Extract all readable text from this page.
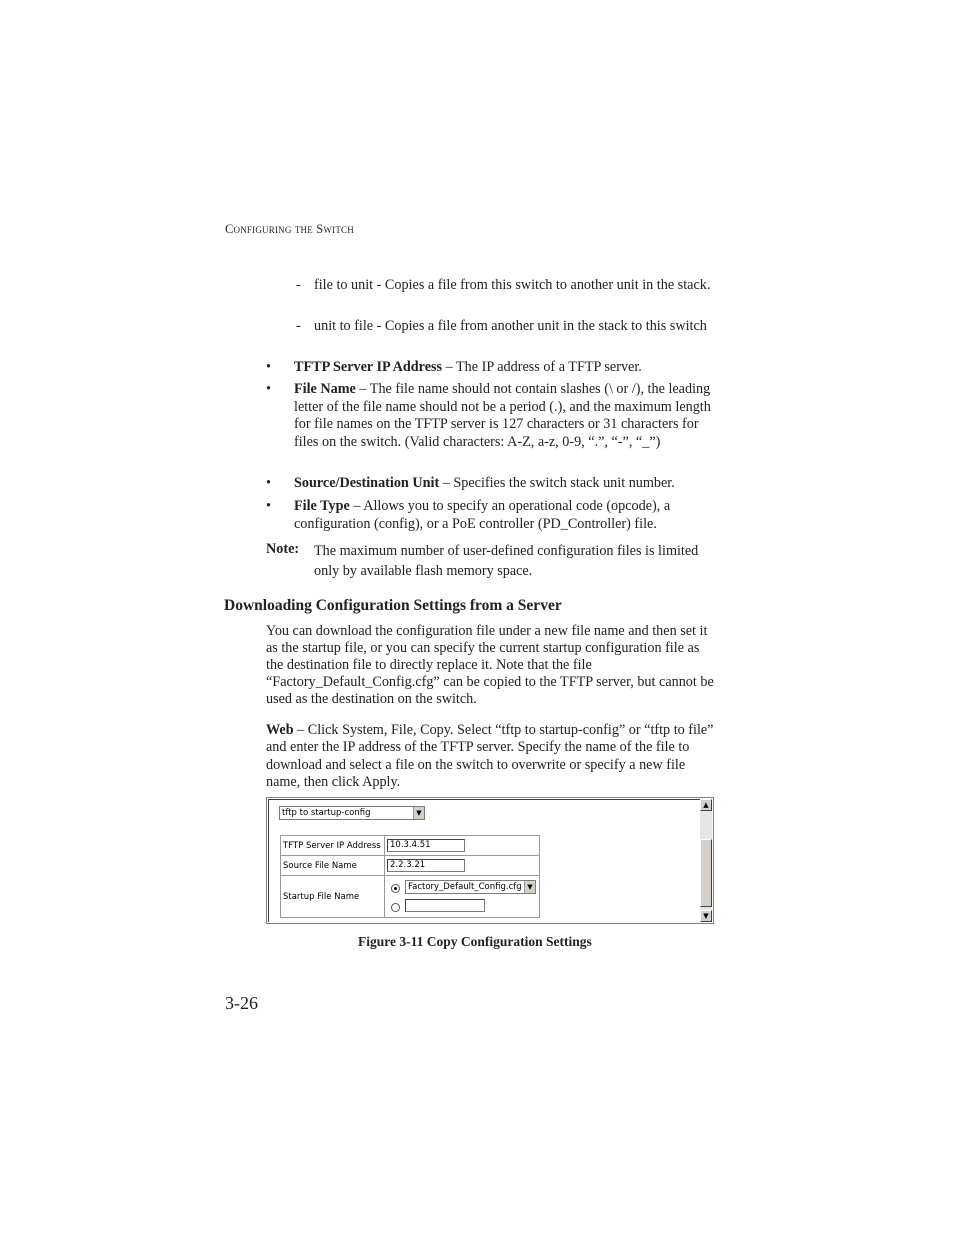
Configuring the Switch
- file to unit - Copies a file from this switch to another unit in the stack.
- unit to file - Copies a file from another unit in the stack to this switch
• TFTP Server IP Address – The IP address of a TFTP server.
• File Name – The file name should not contain slashes (\ or /), the leading letter of the file name should not be a period (.), and the maximum length for file names on the TFTP server is 127 characters or 31 characters for files on the switch. (Valid characters: A-Z, a-z, 0-9, “.”, “-”, “_”)
• Source/Destination Unit – Specifies the switch stack unit number.
• File Type – Allows you to specify an operational code (opcode), a configuration (config), or a PoE controller (PD_Controller) file.
Note: The maximum number of user-defined configuration files is limited only by available flash memory space.
Downloading Configuration Settings from a Server
You can download the configuration file under a new file name and then set it as the startup file, or you can specify the current startup configuration file as the destination file to directly replace it. Note that the file “Factory_Default_Config.cfg” can be copied to the TFTP server, but cannot be used as the destination on the switch.
Web – Click System, File, Copy. Select “tftp to startup-config” or “tftp to file” and enter the IP address of the TFTP server. Specify the name of the file to download and select a file on the switch to overwrite or specify a new file name, then click Apply.
tftp to startup-config	▼
TFTP Server IP Address	10.3.4.51

Source File Name	2.2.3.21

Startup File Name	Factory_Default_Config.cfg ▼
▲
▼
Figure 3-11 Copy Configuration Settings
3-26
